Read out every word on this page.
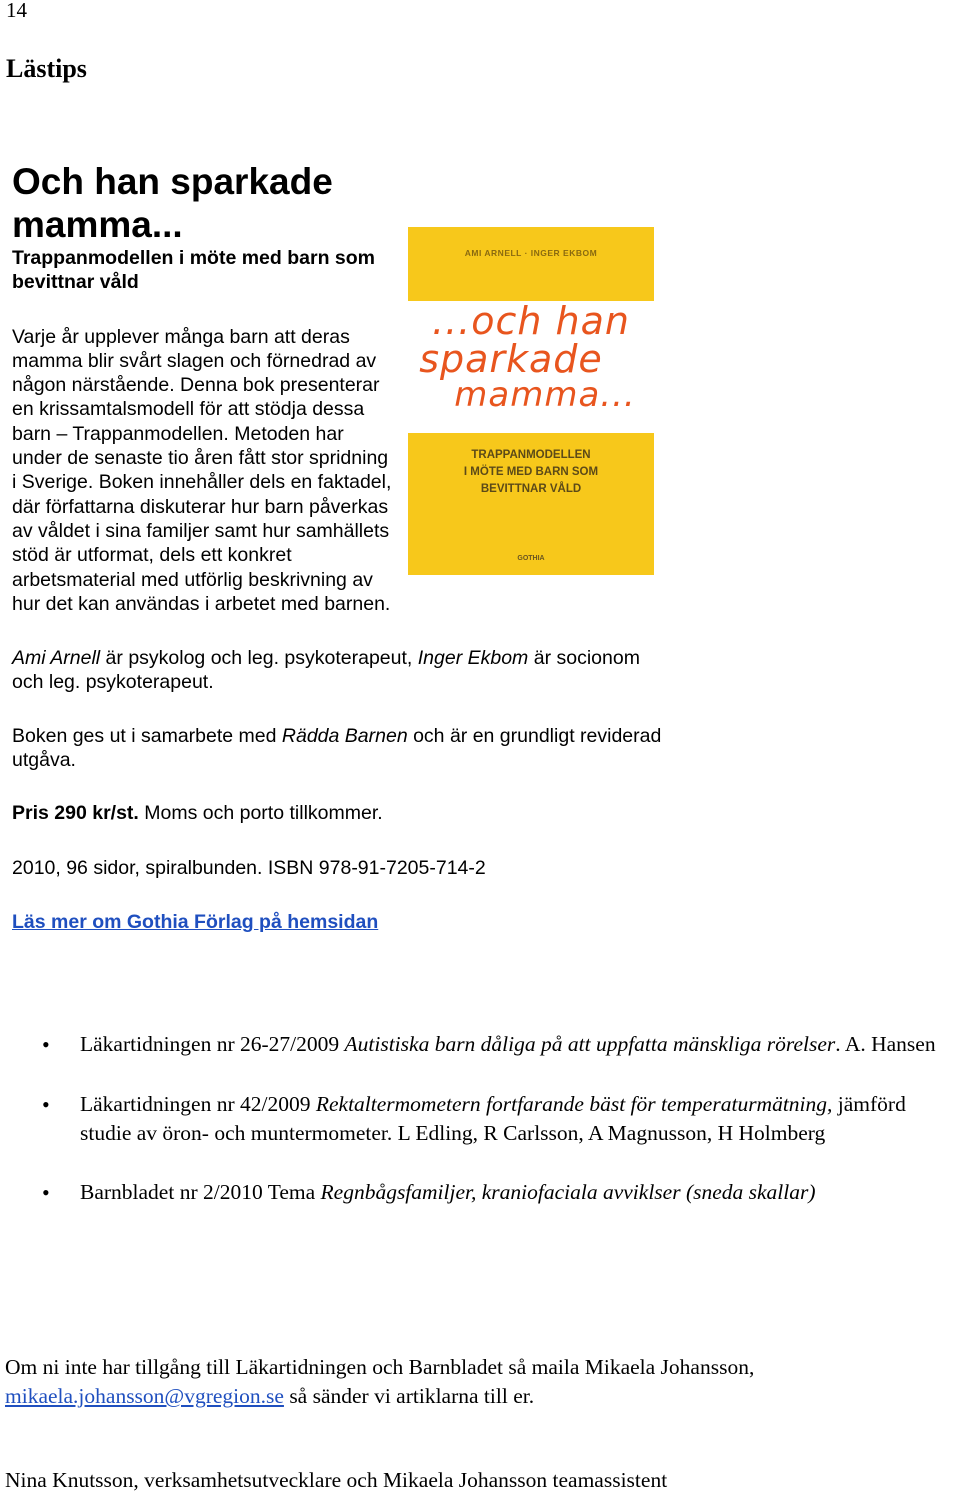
14
Lästips
Och han sparkade mamma...
Trappanmodellen i möte med barn som bevittnar våld
AMI ARNELL · INGER EKBOM
...och han
sparkade
mamma...
TRAPPANMODELLEN
I MÖTE MED BARN SOM
BEVITTNAR VÅLD
GOTHIA

Varje år upplever många barn att deras mamma blir svårt slagen och förnedrad av någon närstående. Denna bok presenterar en krissamtalsmodell för att stödja dessa barn – Trappanmodellen. Metoden har under de senaste tio åren fått stor spridning i Sverige. Boken innehåller dels en faktadel, där författarna diskuterar hur barn påverkas av våldet i sina familjer samt hur samhällets stöd är utformat, dels ett konkret arbetsmaterial med utförlig beskrivning av hur det kan användas i arbetet med barnen.

Ami Arnell är psykolog och leg. psykoterapeut, Inger Ekbom är socionom och leg. psykoterapeut.

Boken ges ut i samarbete med Rädda Barnen och är en grundligt reviderad utgåva.

Pris 290 kr/st. Moms och porto tillkommer.

2010, 96 sidor, spiralbunden. ISBN 978-91-7205-714-2

Läs mer om Gothia Förlag på hemsidan

• Läkartidningen nr 26-27/2009 Autistiska barn dåliga på att uppfatta mänskliga rörelser. A. Hansen
• Läkartidningen nr 42/2009 Rektaltermometern fortfarande bäst för temperaturmätning, jämförd studie av öron- och muntermometer. L Edling, R Carlsson, A Magnusson, H Holmberg
• Barnbladet nr 2/2010 Tema Regnbågsfamiljer, kraniofaciala avviklser (sneda skallar)

Om ni inte har tillgång till Läkartidningen och Barnbladet så maila Mikaela Johansson, mikaela.johansson@vgregion.se så sänder vi artiklarna till er.

Nina Knutsson, verksamhetsutvecklare och Mikaela Johansson teamassistent
